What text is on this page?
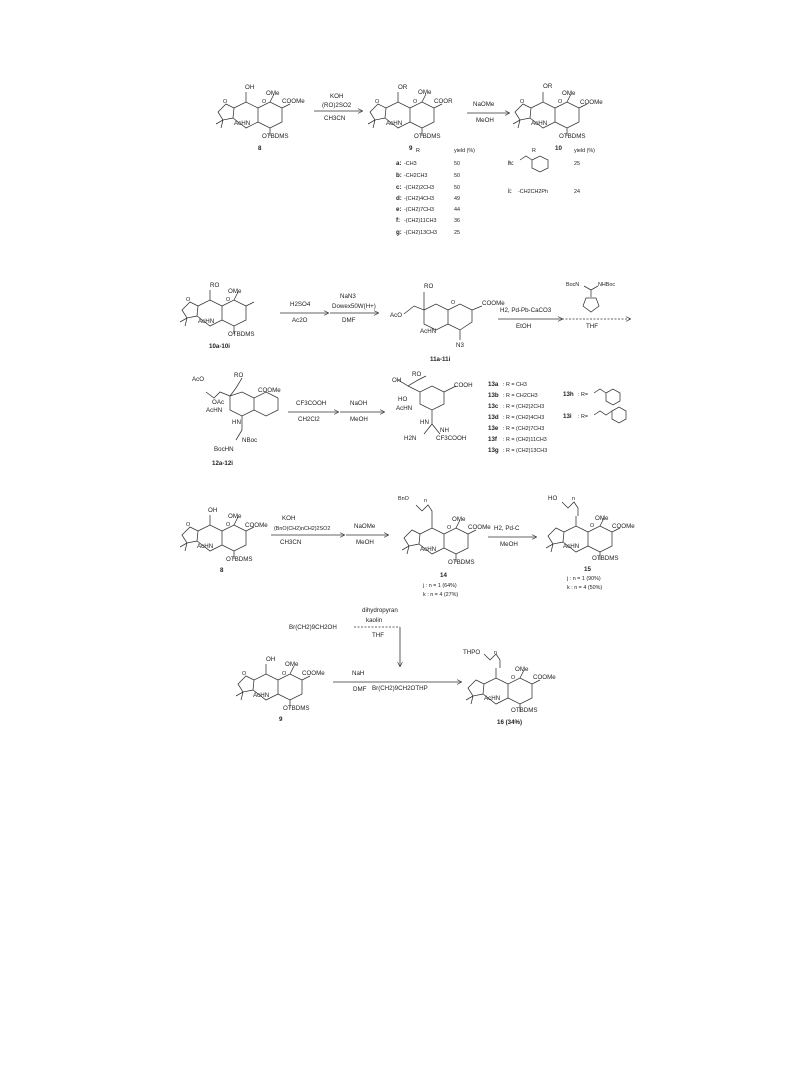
OH
OMe
COOMe
O	O
AcHN
OTBDMS
8
KOH
(RO)2SO2
CH3CN
OR
OMe
COOR
O	O
AcHN
OTBDMS
9
NaOMe
MeOH
OR
OMe
COOMe
O	O
AcHN
OTBDMS
10
R	yield (%)
a: -CH3	50
b: -CH2CH3	50
c: -(CH2)2CH3	50
d: -(CH2)4CH3	49
e: -(CH2)7CH3	44
f: -(CH2)11CH3	36
g: -(CH2)13CH3	25
R	yield (%)
h:	25
i: -CH2CH2Ph	24
RO
OMe
O	O
AcHN
OTBDMS
10a-10i
H2SO4
Ac2O
NaN3
Dowex50W(H+)
DMF
RO
AcO
COOMe
O
AcHN
N3
11a-11i
H2, Pd-Pb-CaCO3
EtOH
BocN	NHBoc
THF
AcO
RO
COOMe
OAc
AcHN
HN
NBoc
BocHN
12a-12i
CF3COOH
CH2Cl2
NaOH
MeOH
OH
RO
COOH
HO
AcHN
HN
NH
H2N	CF3COOH
13a : R = CH3
13b : R = CH2CH3
13c : R = (CH2)2CH3
13d : R = (CH2)4CH3
13e : R = (CH2)7CH3
13f : R = (CH2)11CH3
13g : R = (CH2)13CH3
13h : R=
13i : R=
OH
OMe
COOMe
O	O
AcHN
OTBDMS
8
KOH
(BnO(CH2)nCH2)2SO2
CH3CN
NaOMe
MeOH
BnO	n
OMe
COOMe
O
AcHN
OTBDMS
14
j : n = 1 (64%)
k : n = 4 (27%)
H2, Pd-C
MeOH
HO	n
OMe
COOMe
O
AcHN
OTBDMS
15
j : n = 1 (90%)
k : n = 4 (50%)
Br(CH2)9CH2OH
dihydropyran
kaolin
THF
OH
OMe
COOMe
O	O
AcHN
OTBDMS
9
NaH
DMF Br(CH2)9CH2OTHP
THPO	n
OMe
COOMe
O
AcHN
OTBDMS
16 (34%)
